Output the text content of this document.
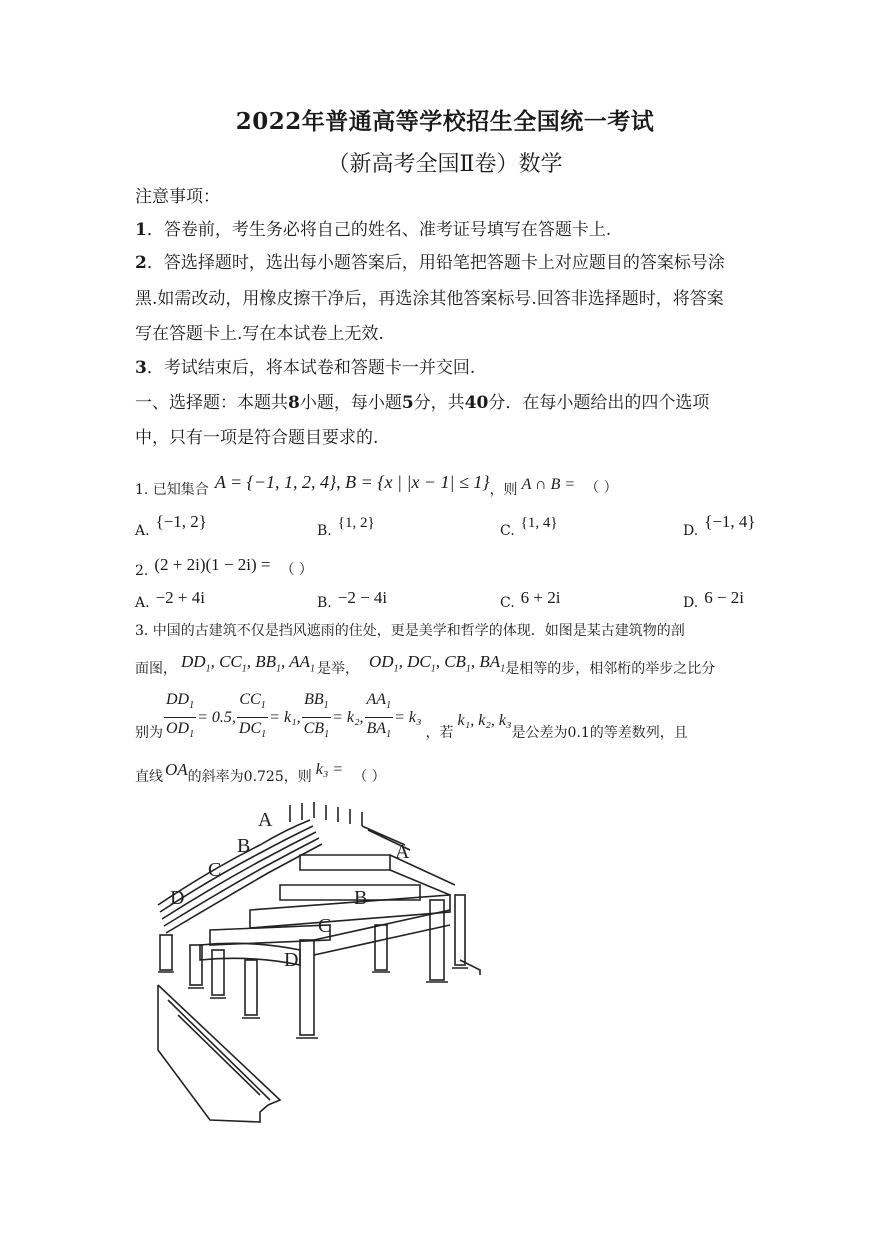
2022年普通高等学校招生全国统一考试
（新高考全国Ⅱ卷）数学
注意事项：
1．答卷前，考生务必将自己的姓名、准考证号填写在答题卡上.
2．答选择题时，选出每小题答案后，用铅笔把答题卡上对应题目的答案标号涂
黑.如需改动，用橡皮擦干净后，再选涂其他答案标号.回答非选择题时，将答案
写在答题卡上.写在本试卷上无效.
3．考试结束后，将本试卷和答题卡一并交回.
一、选择题：本题共8小题，每小题5分，共40分．在每小题给出的四个选项
中，只有一项是符合题目要求的.
1. 已知集合 A = {−1, 1, 2, 4} , B = {x | |x − 1| ≤ 1} ，则 A ∩ B = （ ）
A. {−1, 2}	B. {1, 2}	C. {1, 4}	D. {−1, 4}
2. (2 + 2i)(1 − 2i) = （ ）
A. −2 + 4i	B. −2 − 4i	C. 6 + 2i	D. 6 − 2i
3. 中国的古建筑不仅是挡风遮雨的住处，更是美学和哲学的体现．如图是某古建筑物的剖
面图， $DD_1$, $CC_1$, $BB_1$, $AA_1$ 是举， $OD_1$, $DC_1$, $CB_1$, $BA_1$ 是相等的步，相邻桁的举步之比分
别为 $\frac{DD_1}{OD_1} = 0.5$, $\frac{CC_1}{DC_1} = k_1$, $\frac{BB_1}{CB_1} = k_2$, $\frac{AA_1}{BA_1} = k_3$
，若
k₁, k₂, k₃
是公差为0.1的等差数列，且
直线 OA 的斜率为0.725，则 k₃ = （ ）
A
B
C
D
A
B
C
D
